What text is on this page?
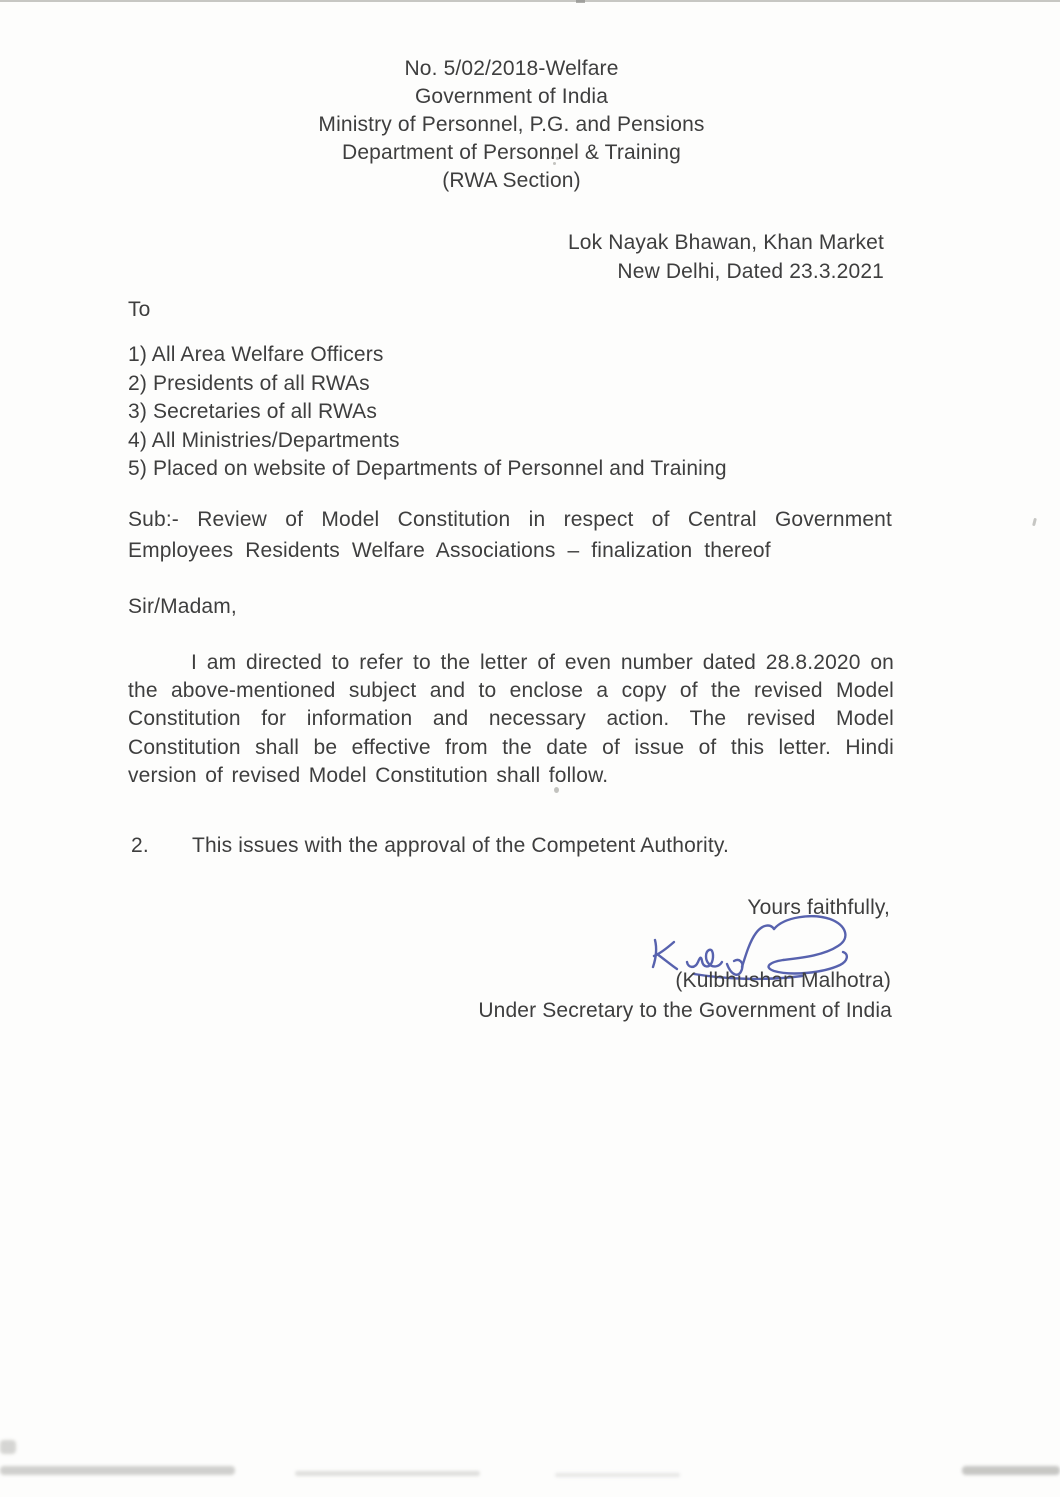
No. 5/02/2018-Welfare
Government of India
Ministry of Personnel, P.G. and Pensions
Department of Personnel & Training
(RWA Section)
Lok Nayak Bhawan, Khan Market
New Delhi, Dated 23.3.2021
To
1) All Area Welfare Officers
2) Presidents of all RWAs
3) Secretaries of all RWAs
4) All Ministries/Departments
5) Placed on website of Departments of Personnel and Training
Sub:- Review of Model Constitution in respect of Central Government Employees Residents Welfare Associations – finalization thereof
Sir/Madam,
I am directed to refer to the letter of even number dated 28.8.2020 on the above-mentioned subject and to enclose a copy of the revised Model Constitution for information and necessary action. The revised Model Constitution shall be effective from the date of issue of this letter. Hindi version of revised Model Constitution shall follow.
2.	This issues with the approval of the Competent Authority.
Yours faithfully,
(Kulbhushan Malhotra)
Under Secretary to the Government of India
